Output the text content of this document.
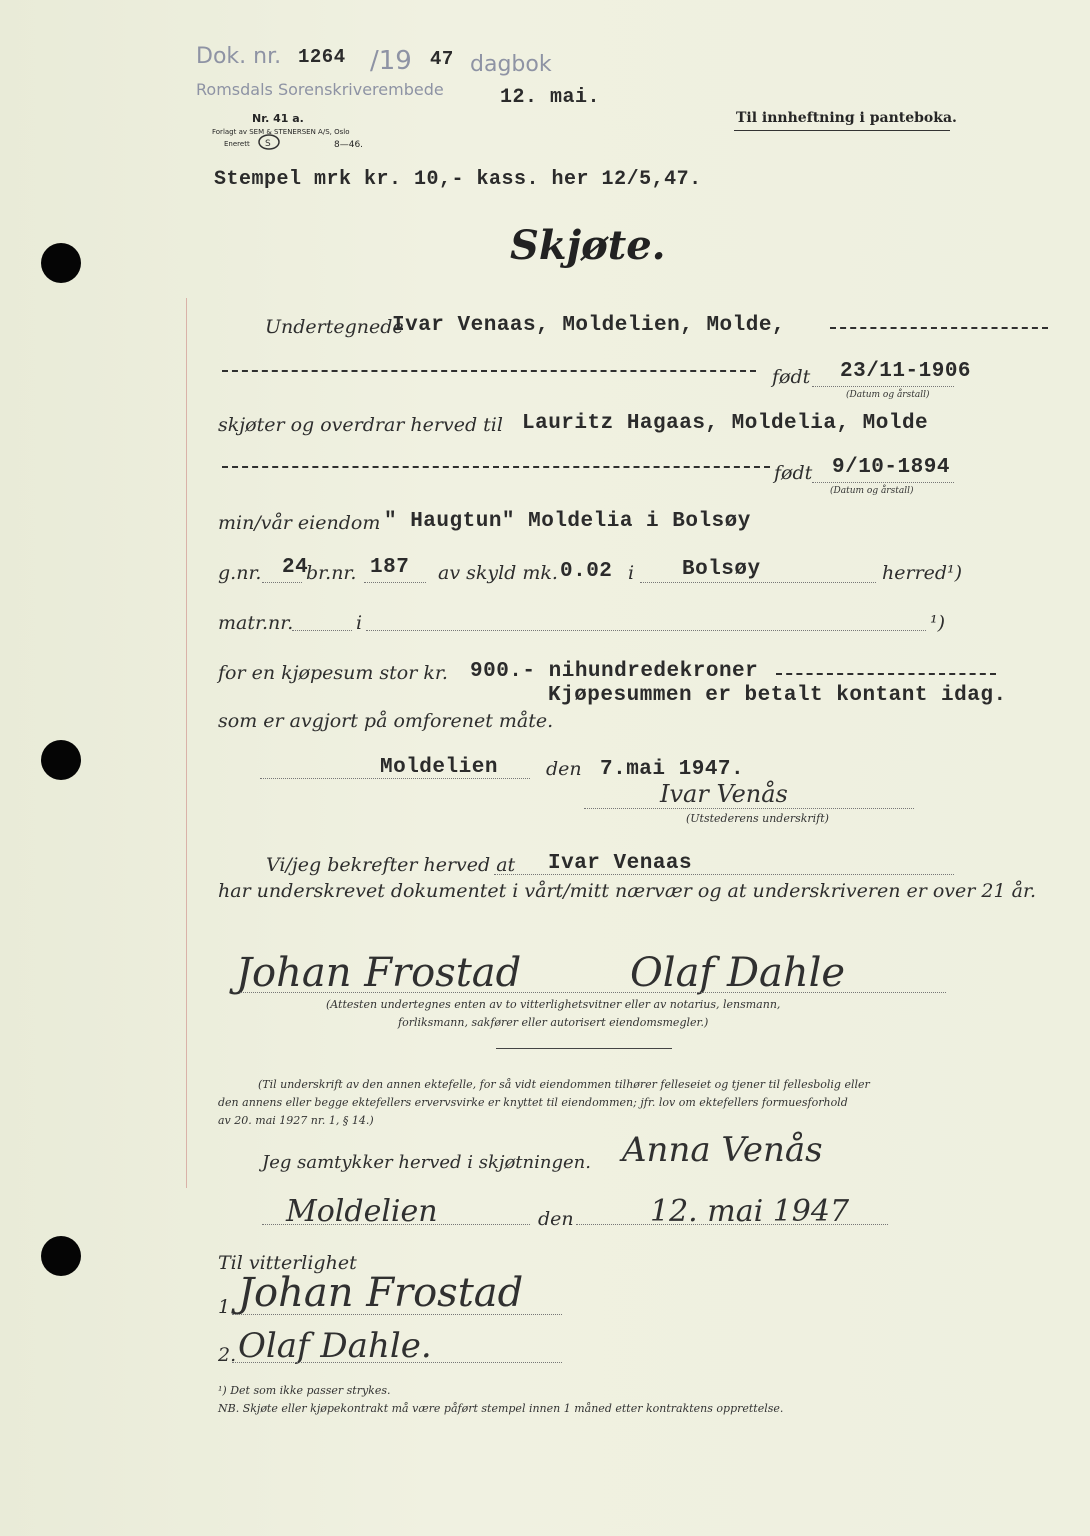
Dok. nr. 1264 /19 47 dagbok
Romsdals Sorenskriverembede	12. mai.
Nr. 41 a.
Forlagt av SEM & STENERSEN A/S, Oslo
Enerett S	8—46.
Til innheftning i panteboka.
Stempel mrk kr. 10,- kass. her 12/5,47.
Skjøte.
Undertegnede
Ivar Venaas, Moldelien, Molde,
født 23/11-1906
(Datum og årstall)
skjøter og overdrar herved til Lauritz Hagaas, Moldelia, Molde
født 9/10-1894
(Datum og årstall)
min/vår eiendom " Haugtun" Moldelia i Bolsøy
g.nr. 24
br.nr. 187 av skyld mk. 0.02 i Bolsøy	herred¹)
matr.nr.	i	¹)
for en kjøpesum stor kr. 900.- nihundredekroner
Kjøpesummen er betalt kontant idag.
som er avgjort på omforenet måte.
Moldelien	den 7.mai 1947.
Ivar Venås
(Utstederens underskrift)
Vi/jeg bekrefter herved at Ivar Venaas
har underskrevet dokumentet i vårt/mitt nærvær og at underskriveren er over 21 år.
Johan Frostad	Olaf Dahle
(Attesten undertegnes enten av to vitterlighetsvitner eller av notarius, lensmann,
forliksmann, sakfører eller autorisert eiendomsmegler.)
(Til underskrift av den annen ektefelle, for så vidt eiendommen tilhører felleseiet og tjener til fellesbolig eller
den annens eller begge ektefellers ervervsvirke er knyttet til eiendommen; jfr. lov om ektefellers formuesforhold
av 20. mai 1927 nr. 1, § 14.)
Jeg samtykker herved i skjøtningen. Anna Venås
Moldelien	den	12. mai 1947
Til vitterlighet
1. Johan Frostad
2. Olaf Dahle.
¹) Det som ikke passer strykes.
NB. Skjøte eller kjøpekontrakt må være påført stempel innen 1 måned etter kontraktens opprettelse.
